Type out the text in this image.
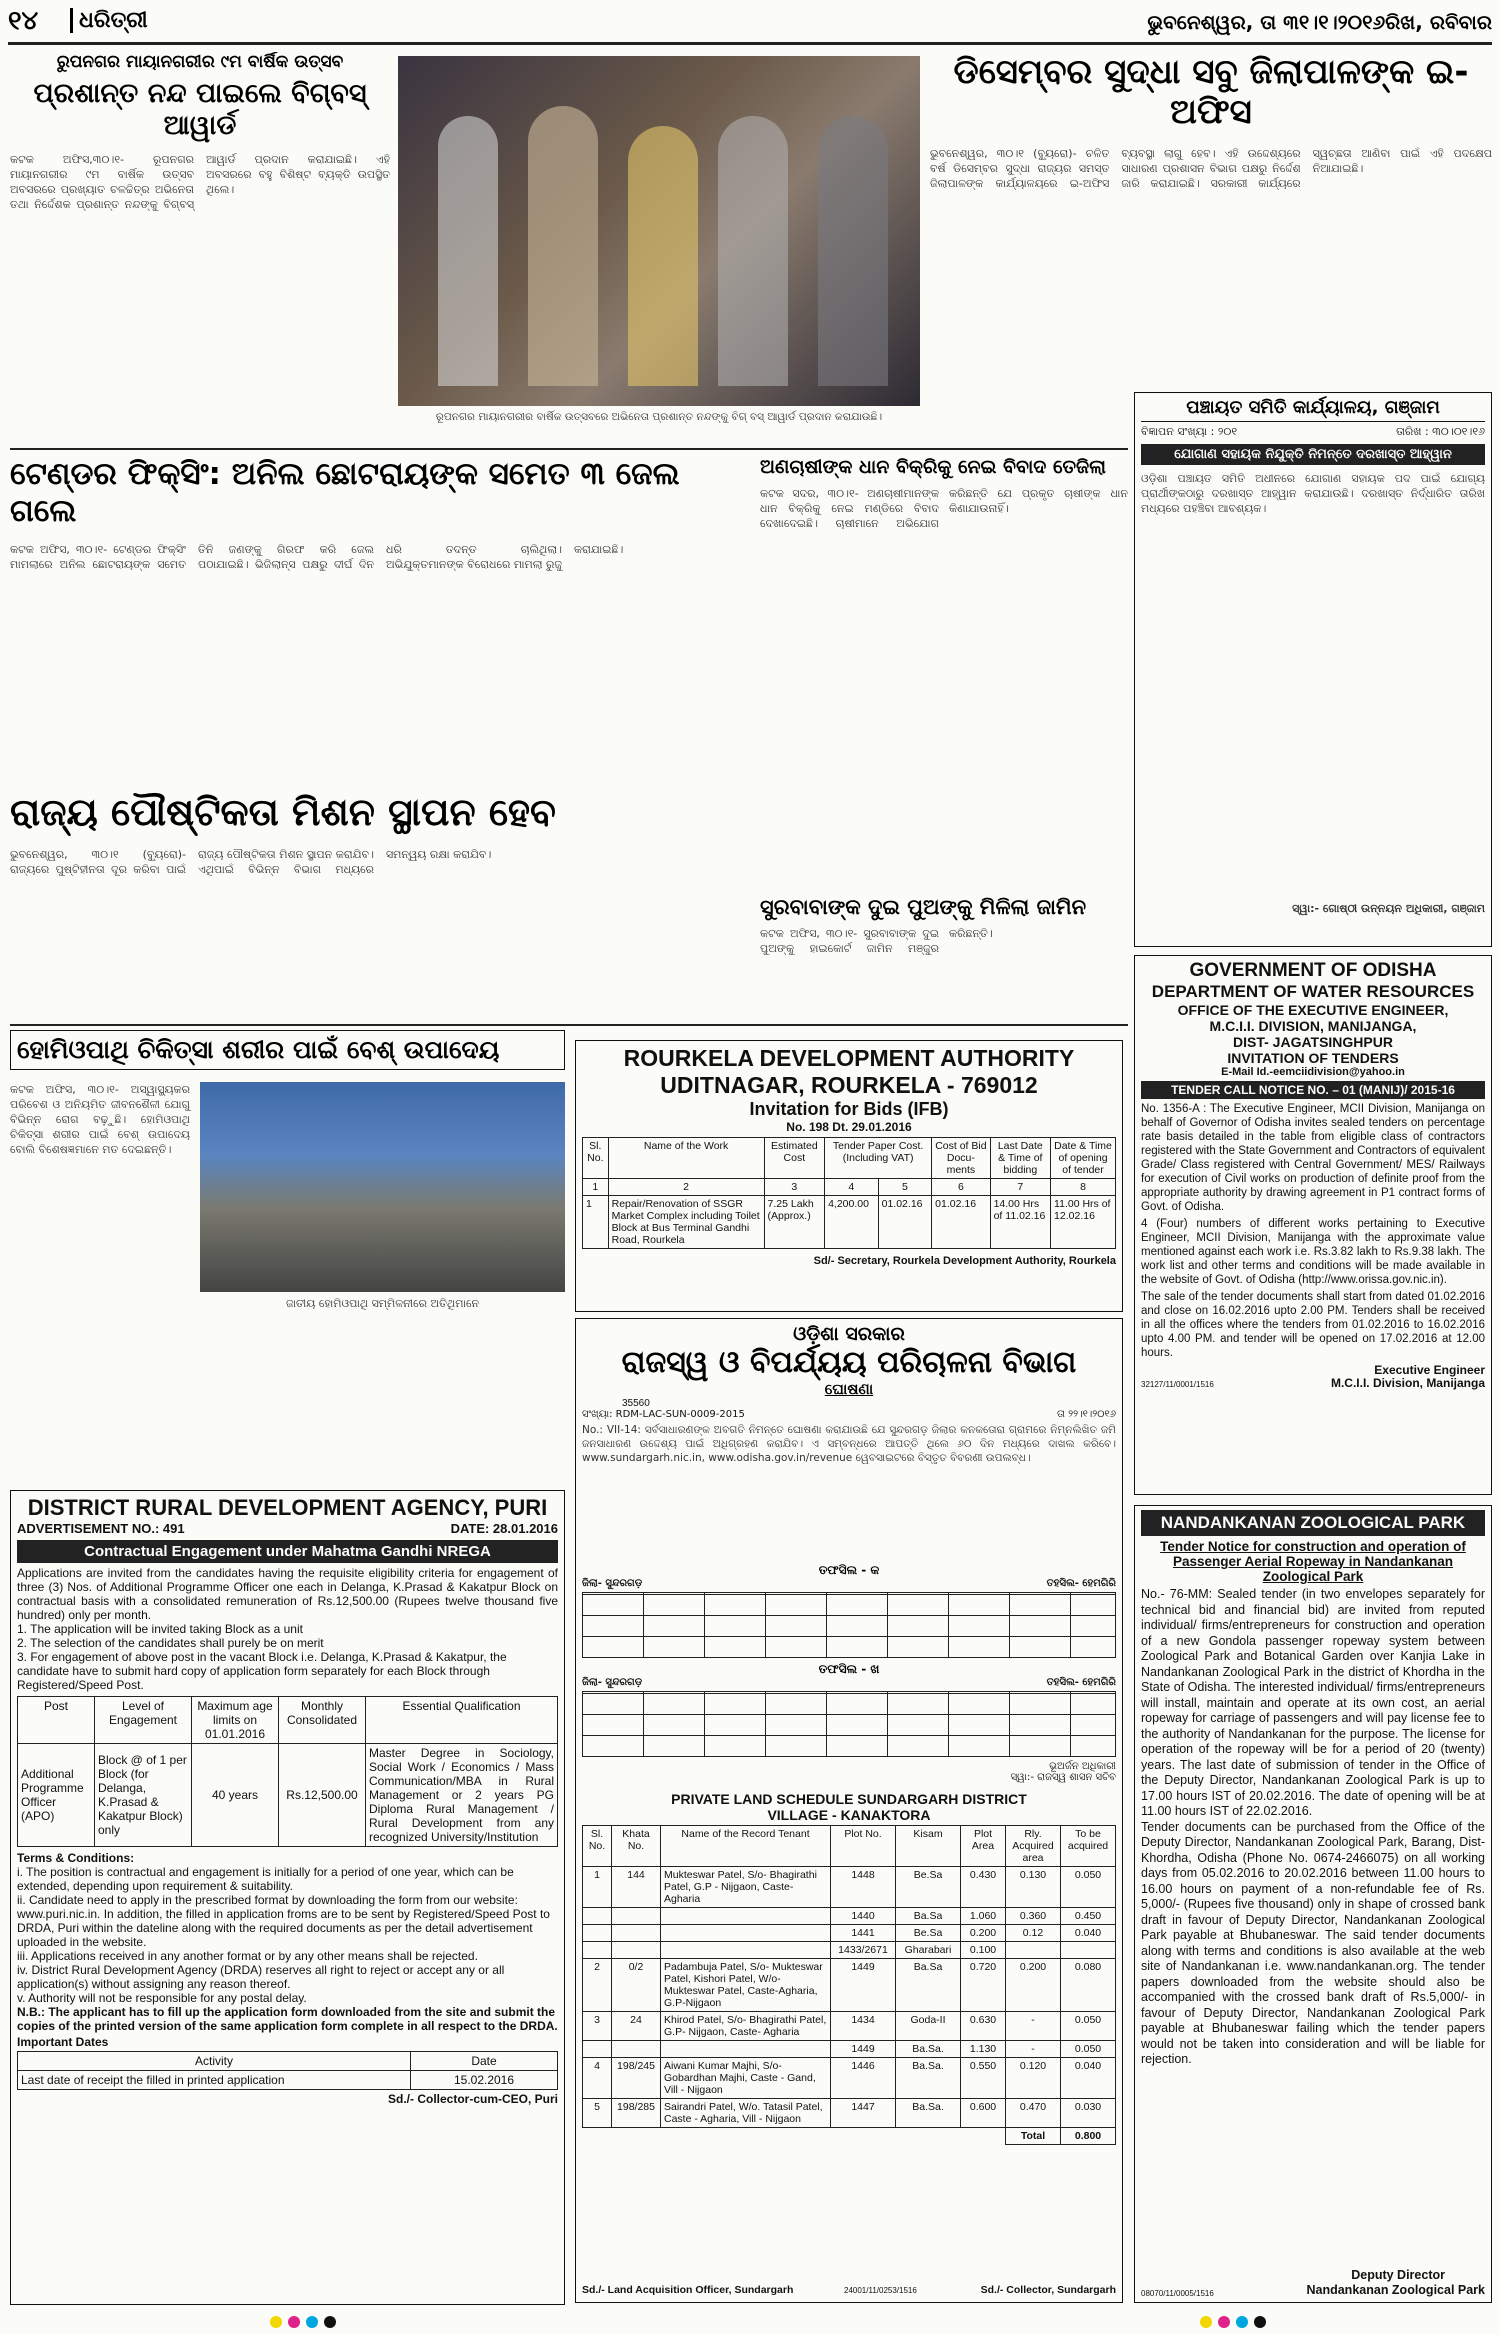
୧୪	ଧରିତ୍ରୀ	ଭୁବନେଶ୍ୱର, ତା ୩୧।୧।୨୦୧୬ରିଖ, ରବିବାର
ରୁପନଗର ମାୟାନଗରୀର ୯ମ ବାର୍ଷିକ ଉତ୍ସବ
ପ୍ରଶାନ୍ତ ନନ୍ଦ ପାଇଲେ ବିଗ୍‌ବସ୍ ଆୱାର୍ଡ
କଟକ ଅଫିସ,୩୦।୧- ରୂପନଗର ମାୟାନଗରୀର ୯ମ ବାର୍ଷିକ ଉତ୍ସବ ଅବସରରେ ପ୍ରଖ୍ୟାତ ଚଳଚ୍ଚିତ୍ର ଅଭିନେତା ତଥା ନିର୍ଦ୍ଦେଶକ ପ୍ରଶାନ୍ତ ନନ୍ଦଙ୍କୁ ବିଗ୍‌ବସ୍ ଆୱାର୍ଡ ପ୍ରଦାନ କରାଯାଇଛି। ଏହି ଅବସରରେ ବହୁ ବିଶିଷ୍ଟ ବ୍ୟକ୍ତି ଉପସ୍ଥିତ ଥିଲେ।
ରୂପନଗର ମାୟାନଗରୀର ବାର୍ଷିକ ଉତ୍ସବରେ ଅଭିନେତା ପ୍ରଶାନ୍ତ ନନ୍ଦଙ୍କୁ ବିଗ୍ ବସ୍ ଆୱାର୍ଡ ପ୍ରଦାନ କରାଯାଉଛି।
ଡିସେମ୍ବର ସୁଦ୍ଧା ସବୁ ଜିଲାପାଳଙ୍କ ଇ-ଅଫିସ
ଭୁବନେଶ୍ୱର, ୩୦।୧ (ବ୍ୟୁରୋ)- ଚଳିତ ବର୍ଷ ଡିସେମ୍ବର ସୁଦ୍ଧା ରାଜ୍ୟର ସମସ୍ତ ଜିଲାପାଳଙ୍କ କାର୍ଯ୍ୟାଳୟରେ ଇ-ଅଫିସ ବ୍ୟବସ୍ଥା ଲାଗୁ ହେବ। ଏହି ଉଦ୍ଦେଶ୍ୟରେ ସାଧାରଣ ପ୍ରଶାସନ ବିଭାଗ ପକ୍ଷରୁ ନିର୍ଦ୍ଦେଶ ଜାରି କରାଯାଇଛି। ସରକାରୀ କାର୍ଯ୍ୟରେ ସ୍ୱଚ୍ଛତା ଆଣିବା ପାଇଁ ଏହି ପଦକ୍ଷେପ ନିଆଯାଇଛି।
ପଞ୍ଚାୟତ ସମିତି କାର୍ଯ୍ୟାଳୟ, ଗଞ୍ଜାମ
ବିଜ୍ଞାପନ ସଂଖ୍ୟା : ୨୦୧	ତାରିଖ : ୩୦।୦୧।୧୬
ଯୋଗାଣ ସହାୟକ ନିଯୁକ୍ତି ନିମନ୍ତେ ଦରଖାସ୍ତ ଆହ୍ୱାନ
ଓଡ଼ିଶା ପଞ୍ଚାୟତ ସମିତି ଅଧୀନରେ ଯୋଗାଣ ସହାୟକ ପଦ ପାଇଁ ଯୋଗ୍ୟ ପ୍ରାର୍ଥୀଙ୍କଠାରୁ ଦରଖାସ୍ତ ଆହ୍ୱାନ କରାଯାଉଛି। ଦରଖାସ୍ତ ନିର୍ଦ୍ଧାରିତ ତାରିଖ ମଧ୍ୟରେ ପହଞ୍ଚିବା ଆବଶ୍ୟକ।
ସ୍ୱା:- ଗୋଷ୍ଠୀ ଉନ୍ନୟନ ଅଧିକାରୀ, ଗଞ୍ଜାମ
ଟେଣ୍ଡର ଫିକ୍ସିଂ: ଅନିଲ ଛୋଟରାୟଙ୍କ ସମେତ ୩ ଜେଲ ଗଲେ
କଟକ ଅଫିସ, ୩୦।୧- ଟେଣ୍ଡର ଫିକ୍ସିଂ ମାମଲାରେ ଅନିଲ ଛୋଟରାୟଙ୍କ ସମେତ ତିନି ଜଣଙ୍କୁ ଗିରଫ କରି ଜେଲ ପଠାଯାଇଛି। ଭିଜିଲାନ୍ସ ପକ୍ଷରୁ ଦୀର୍ଘ ଦିନ ଧରି ତଦନ୍ତ ଚାଲିଥିଲା। ଅଭିଯୁକ୍ତମାନଙ୍କ ବିରୋଧରେ ମାମଲା ରୁଜୁ କରାଯାଇଛି।
ଅଣଚାଷୀଙ୍କ ଧାନ ବିକ୍ରିକୁ ନେଇ ବିବାଦ ତେଜିଲା
କଟକ ସଦର, ୩୦।୧- ଅଣଚାଷୀମାନଙ୍କ ଧାନ ବିକ୍ରିକୁ ନେଇ ମଣ୍ଡିରେ ବିବାଦ ଦେଖାଦେଇଛି। ଚାଷୀମାନେ ଅଭିଯୋଗ କରିଛନ୍ତି ଯେ ପ୍ରକୃତ ଚାଷୀଙ୍କ ଧାନ କିଣାଯାଉନାହିଁ।
ରାଜ୍ୟ ପୌଷ୍ଟିକତା ମିଶନ ସ୍ଥାପନ ହେବ
ଭୁବନେଶ୍ୱର, ୩୦।୧ (ବ୍ୟୁରୋ)- ରାଜ୍ୟରେ ପୁଷ୍ଟିହୀନତା ଦୂର କରିବା ପାଇଁ ରାଜ୍ୟ ପୌଷ୍ଟିକତା ମିଶନ ସ୍ଥାପନ କରାଯିବ। ଏଥିପାଇଁ ବିଭିନ୍ନ ବିଭାଗ ମଧ୍ୟରେ ସମନ୍ୱୟ ରକ୍ଷା କରାଯିବ।
ସୁରବାବାଙ୍କ ଦୁଇ ପୁଅଙ୍କୁ ମିଳିଲା ଜାମିନ
କଟକ ଅଫିସ, ୩୦।୧- ସୁରବାବାଙ୍କ ଦୁଇ ପୁଅଙ୍କୁ ହାଇକୋର୍ଟ ଜାମିନ ମଞ୍ଜୁର କରିଛନ୍ତି।
ହୋମିଓପାଥି ଚିକିତ୍ସା ଶରୀର ପାଇଁ ବେଶ୍ ଉପାଦେୟ
କଟକ ଅଫିସ, ୩୦।୧- ଅସ୍ୱାସ୍ଥ୍ୟକର ପରିବେଶ ଓ ଅନିୟମିତ ଜୀବନଶୈଳୀ ଯୋଗୁ ବିଭିନ୍ନ ରୋଗ ବଢ଼ୁଛି। ହୋମିଓପାଥି ଚିକିତ୍ସା ଶରୀର ପାଇଁ ବେଶ୍ ଉପାଦେୟ ବୋଲି ବିଶେଷଜ୍ଞମାନେ ମତ ଦେଇଛନ୍ତି।
ଜାତୀୟ ହୋମିଓପାଥି ସମ୍ମିଳନୀରେ ଅତିଥିମାନେ
ROURKELA DEVELOPMENT AUTHORITY
UDITNAGAR, ROURKELA - 769012
Invitation for Bids (IFB)
No. 198 Dt. 29.01.2016
Sl. No.	Name of the Work	Estimated Cost	Tender Paper Cost. (Including VAT)		Cost of Bid Docu-ments	Last Date & Time of bidding	Date & Time of opening of tender
1	2	3	4	5	6	7	8
1	Repair/Renovation of SSGR Market Complex including Toilet Block at Bus Terminal Gandhi Road, Rourkela	7.25 Lakh (Approx.)	4,200.00	01.02.16	01.02.16	14.00 Hrs of 11.02.16	11.00 Hrs of 12.02.16
Sd/- Secretary, Rourkela Development Authority, Rourkela
GOVERNMENT OF ODISHA
DEPARTMENT OF WATER RESOURCES
OFFICE OF THE EXECUTIVE ENGINEER,
M.C.I.I. DIVISION, MANIJANGA,
DIST- JAGATSINGHPUR
INVITATION OF TENDERS
E-Mail Id.-eemciidivision@yahoo.in
TENDER CALL NOTICE NO. – 01 (MANIJ)/ 2015-16
No. 1356-A : The Executive Engineer, MCII Division, Manijanga on behalf of Governor of Odisha invites sealed tenders on percentage rate basis detailed in the table from eligible class of contractors registered with the State Government and Contractors of equivalent Grade/ Class registered with Central Government/ MES/ Railways for execution of Civil works on production of definite proof from the appropriate authority by drawing agreement in P1 contract forms of Govt. of Odisha.
4 (Four) numbers of different works pertaining to Executive Engineer, MCII Division, Manijanga with the approximate value mentioned against each work i.e. Rs.3.82 lakh to Rs.9.38 lakh. The work list and other terms and conditions will be made available in the website of Govt. of Odisha (http://www.orissa.gov.nic.in).
The sale of the tender documents shall start from dated 01.02.2016 and close on 16.02.2016 upto 2.00 PM. Tenders shall be received in all the offices where the tenders from 01.02.2016 to 16.02.2016 upto 4.00 PM. and tender will be opened on 17.02.2016 at 12.00 hours.
32127/11/0001/1516
Executive Engineer
M.C.I.I. Division, Manijanga
ଓଡ଼ିଶା ସରକାର
ରାଜସ୍ୱ ଓ ବିପର୍ଯ୍ୟୟ ପରିଚାଳନା ବିଭାଗ
ଘୋଷଣା
35560
ସଂଖ୍ୟା: RDM-LAC-SUN-0009-2015	ତା ୨୨।୧।୨୦୧୬
No.: VII-14: ସର୍ବସାଧାରଣଙ୍କ ଅବଗତି ନିମନ୍ତେ ଘୋଷଣା କରାଯାଉଛି ଯେ ସୁନ୍ଦରଗଡ଼ ଜିଲାର କନକତୋରା ଗ୍ରାମରେ ନିମ୍ନଲିଖିତ ଜମି ଜନସାଧାରଣ ଉଦ୍ଦେଶ୍ୟ ପାଇଁ ଅଧିଗ୍ରହଣ କରାଯିବ। ଏ ସମ୍ବନ୍ଧରେ ଆପତ୍ତି ଥିଲେ ୬୦ ଦିନ ମଧ୍ୟରେ ଦାଖଲ କରିବେ। www.sundargarh.nic.in, www.odisha.gov.in/revenue ୱେବସାଇଟରେ ବିସ୍ତୃତ ବିବରଣୀ ଉପଲବ୍ଧ।
ତଫସିଲ - କ
ଜିଲା- ସୁନ୍ଦରଗଡ଼	ତହସିଲ- ହେମଗିରି
ତଫସିଲ - ଖ
ଜିଲା- ସୁନ୍ଦରଗଡ଼	ତହସିଲ- ହେମଗିରି
ଭୂଅର୍ଜନ ଅଧିକାରୀ
ସ୍ୱା:- ରାଜସ୍ୱ ଶାସନ ସଚିବ
PRIVATE LAND SCHEDULE SUNDARGARH DISTRICT
VILLAGE - KANAKTORA
Sl. No.	Khata No.	Name of the Record Tenant	Plot No.	Kisam	Plot Area	Rly. Acquired area	To be acquired
1	144	Mukteswar Patel, S/o- Bhagirathi Patel, G.P - Nijgaon, Caste-Agharia	1448	Be.Sa	0.430	0.130	0.050
			1440	Ba.Sa	1.060	0.360	0.450
			1441	Be.Sa	0.200	0.12	0.040
			1433/2671	Gharabari	0.100		
2	0/2	Padambuja Patel, S/o- Mukteswar Patel, Kishori Patel, W/o- Mukteswar Patel, Caste-Agharia, G.P-Nijgaon	1449	Ba.Sa	0.720	0.200	0.080
3	24	Khirod Patel, S/o- Bhagirathi Patel, G.P- Nijgaon, Caste- Agharia	1434	Goda-II	0.630	-	0.050
			1449	Ba.Sa.	1.130	-	0.050
4	198/245	Aiwani Kumar Majhi, S/o- Gobardhan Majhi, Caste - Gand, Vill - Nijgaon	1446	Ba.Sa.	0.550	0.120	0.040
5	198/285	Sairandri Patel, W/o. Tatasil Patel, Caste - Agharia, Vill - Nijgaon	1447	Ba.Sa.	0.600	0.470	0.030
						Total	0.800
Sd./- Land Acquisition Officer, Sundargarh	24001/11/0253/1516	Sd./- Collector, Sundargarh
NANDANKANAN ZOOLOGICAL PARK
Tender Notice for construction and operation of Passenger Aerial Ropeway in Nandankanan Zoological Park
No.- 76-MM: Sealed tender (in two envelopes separately for technical bid and financial bid) are invited from reputed individual/ firms/entrepreneurs for construction and operation of a new Gondola passenger ropeway system between Zoological Park and Botanical Garden over Kanjia Lake in Nandankanan Zoological Park in the district of Khordha in the State of Odisha. The interested individual/ firms/entrepreneurs will install, maintain and operate at its own cost, an aerial ropeway for carriage of passengers and will pay license fee to the authority of Nandankanan for the purpose. The license for operation of the ropeway will be for a period of 20 (twenty) years. The last date of submission of tender in the Office of the Deputy Director, Nandankanan Zoological Park is up to 17.00 hours IST of 20.02.2016. The date of opening will be at 11.00 hours IST of 22.02.2016.
Tender documents can be purchased from the Office of the Deputy Director, Nandankanan Zoological Park, Barang, Dist- Khordha, Odisha (Phone No. 0674-2466075) on all working days from 05.02.2016 to 20.02.2016 between 11.00 hours to 16.00 hours on payment of a non-refundable fee of Rs. 5,000/- (Rupees five thousand) only in shape of crossed bank draft in favour of Deputy Director, Nandankanan Zoological Park payable at Bhubaneswar. The said tender documents along with terms and conditions is also available at the web site of Nandankanan i.e. www.nandankanan.org. The tender papers downloaded from the website should also be accompanied with the crossed bank draft of Rs.5,000/- in favour of Deputy Director, Nandankanan Zoological Park payable at Bhubaneswar failing which the tender papers would not be taken into consideration and will be liable for rejection.
08070/11/0005/1516
Deputy Director
Nandankanan Zoological Park
DISTRICT RURAL DEVELOPMENT AGENCY, PURI
ADVERTISEMENT NO.: 491	DATE: 28.01.2016
Contractual Engagement under Mahatma Gandhi NREGA
Applications are invited from the candidates having the requisite eligibility criteria for engagement of three (3) Nos. of Additional Programme Officer one each in Delanga, K.Prasad & Kakatpur Block on contractual basis with a consolidated remuneration of Rs.12,500.00 (Rupees twelve thousand five hundred) only per month.
1. The application will be invited taking Block as a unit
2. The selection of the candidates shall purely be on merit
3. For engagement of above post in the vacant Block i.e. Delanga, K.Prasad & Kakatpur, the candidate have to submit hard copy of application form separately for each Block through Registered/Speed Post.
Post	Level of Engagement	Maximum age limits on 01.01.2016	Monthly Consolidated	Essential Qualification
Additional Programme Officer (APO)	Block @ of 1 per Block (for Delanga, K.Prasad & Kakatpur Block) only	40 years	Rs.12,500.00	Master Degree in Sociology, Social Work / Economics / Mass Communication/MBA in Rural Management or 2 years PG Diploma Rural Management / Rural Development from any recognized University/Institution
Terms & Conditions:
i. The position is contractual and engagement is initially for a period of one year, which can be extended, depending upon requirement & suitability.
ii. Candidate need to apply in the prescribed format by downloading the form from our website: www.puri.nic.in. In addition, the filled in application froms are to be sent by Registered/Speed Post to DRDA, Puri within the dateline along with the required documents as per the detail advertisement uploaded in the website.
iii. Applications received in any another format or by any other means shall be rejected.
iv. District Rural Development Agency (DRDA) reserves all right to reject or accept any or all application(s) without assigning any reason thereof.
v. Authority will not be responsible for any postal delay.
N.B.: The applicant has to fill up the application form downloaded from the site and submit the copies of the printed version of the same application form complete in all respect to the DRDA.
Important Dates
Activity	Date
Last date of receipt the filled in printed application	15.02.2016
Sd./- Collector-cum-CEO, Puri
